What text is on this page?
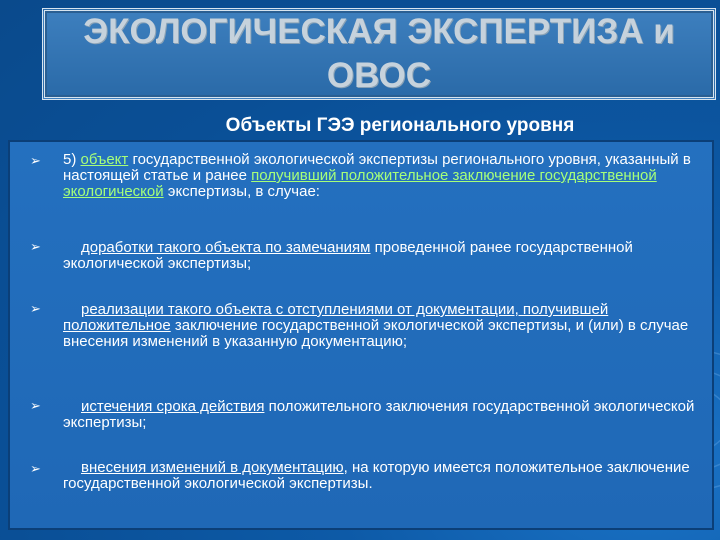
ЭКОЛОГИЧЕСКАЯ ЭКСПЕРТИЗА и
ОВОС
Объекты ГЭЭ регионального уровня
➢ 5) объект государственной экологической экспертизы регионального уровня, указанный в настоящей статье и ранее получивший положительное заключение государственной экологической экспертизы, в случае:
➢	доработки такого объекта по замечаниям проведенной ранее государственной экологической экспертизы;
➢	реализации такого объекта с отступлениями от документации, получившей положительное заключение государственной экологической экспертизы, и (или) в случае внесения изменений в указанную документацию;
➢	истечения срока действия положительного заключения государственной экологической экспертизы;
➢	внесения изменений в документацию, на которую имеется положительное заключение государственной экологической экспертизы.
